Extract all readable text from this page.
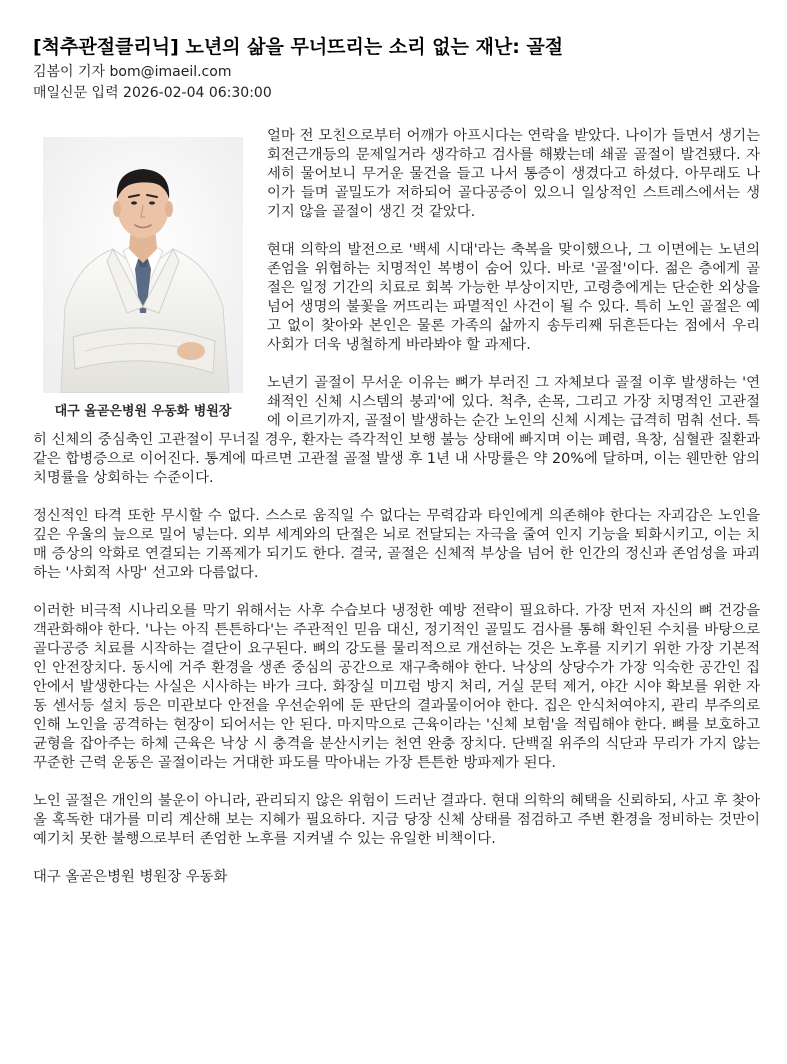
[척추관절클리닉] 노년의 삶을 무너뜨리는 소리 없는 재난: 골절
김봄이 기자 bom@imaeil.com
매일신문 입력 2026-02-04 06:30:00
대구 올곧은병원 우동화 병원장

얼마 전 모친으로부터 어깨가 아프시다는 연락을 받았다. 나이가 들면서 생기는 회전근개등의 문제일거라 생각하고 검사를 해봤는데 쇄골 골절이 발견됐다. 자세히 물어보니 무거운 물건을 들고 나서 통증이 생겼다고 하셨다. 아무래도 나이가 들며 골밀도가 저하되어 골다공증이 있으니 일상적인 스트레스에서는 생기지 않을 골절이 생긴 것 같았다.

현대 의학의 발전으로 '백세 시대'라는 축복을 맞이했으나, 그 이면에는 노년의 존엄을 위협하는 치명적인 복병이 숨어 있다. 바로 '골절'이다. 젊은 층에게 골절은 일정 기간의 치료로 회복 가능한 부상이지만, 고령층에게는 단순한 외상을 넘어 생명의 불꽃을 꺼뜨리는 파멸적인 사건이 될 수 있다. 특히 노인 골절은 예고 없이 찾아와 본인은 물론 가족의 삶까지 송두리째 뒤흔든다는 점에서 우리 사회가 더욱 냉철하게 바라봐야 할 과제다.

노년기 골절이 무서운 이유는 뼈가 부러진 그 자체보다 골절 이후 발생하는 '연쇄적인 신체 시스템의 붕괴'에 있다. 척추, 손목, 그리고 가장 치명적인 고관절에 이르기까지, 골절이 발생하는 순간 노인의 신체 시계는 급격히 멈춰 선다. 특히 신체의 중심축인 고관절이 무너질 경우, 환자는 즉각적인 보행 불능 상태에 빠지며 이는 폐렴, 욕창, 심혈관 질환과 같은 합병증으로 이어진다. 통계에 따르면 고관절 골절 발생 후 1년 내 사망률은 약 20%에 달하며, 이는 웬만한 암의 치명률을 상회하는 수준이다.

정신적인 타격 또한 무시할 수 없다. 스스로 움직일 수 없다는 무력감과 타인에게 의존해야 한다는 자괴감은 노인을 깊은 우울의 늪으로 밀어 넣는다. 외부 세계와의 단절은 뇌로 전달되는 자극을 줄여 인지 기능을 퇴화시키고, 이는 치매 증상의 악화로 연결되는 기폭제가 되기도 한다. 결국, 골절은 신체적 부상을 넘어 한 인간의 정신과 존엄성을 파괴하는 '사회적 사망' 선고와 다름없다.

이러한 비극적 시나리오를 막기 위해서는 사후 수습보다 냉정한 예방 전략이 필요하다. 가장 먼저 자신의 뼈 건강을 객관화해야 한다. '나는 아직 튼튼하다'는 주관적인 믿음 대신, 정기적인 골밀도 검사를 통해 확인된 수치를 바탕으로 골다공증 치료를 시작하는 결단이 요구된다. 뼈의 강도를 물리적으로 개선하는 것은 노후를 지키기 위한 가장 기본적인 안전장치다. 동시에 거주 환경을 생존 중심의 공간으로 재구축해야 한다. 낙상의 상당수가 가장 익숙한 공간인 집 안에서 발생한다는 사실은 시사하는 바가 크다. 화장실 미끄럼 방지 처리, 거실 문턱 제거, 야간 시야 확보를 위한 자동 센서등 설치 등은 미관보다 안전을 우선순위에 둔 판단의 결과물이어야 한다. 집은 안식처여야지, 관리 부주의로 인해 노인을 공격하는 현장이 되어서는 안 된다. 마지막으로 근육이라는 '신체 보험'을 적립해야 한다. 뼈를 보호하고 균형을 잡아주는 하체 근육은 낙상 시 충격을 분산시키는 천연 완충 장치다. 단백질 위주의 식단과 무리가 가지 않는 꾸준한 근력 운동은 골절이라는 거대한 파도를 막아내는 가장 튼튼한 방파제가 된다.

노인 골절은 개인의 불운이 아니라, 관리되지 않은 위험이 드러난 결과다. 현대 의학의 혜택을 신뢰하되, 사고 후 찾아올 혹독한 대가를 미리 계산해 보는 지혜가 필요하다. 지금 당장 신체 상태를 점검하고 주변 환경을 정비하는 것만이 예기치 못한 불행으로부터 존엄한 노후를 지켜낼 수 있는 유일한 비책이다.

대구 올곧은병원 병원장 우동화
